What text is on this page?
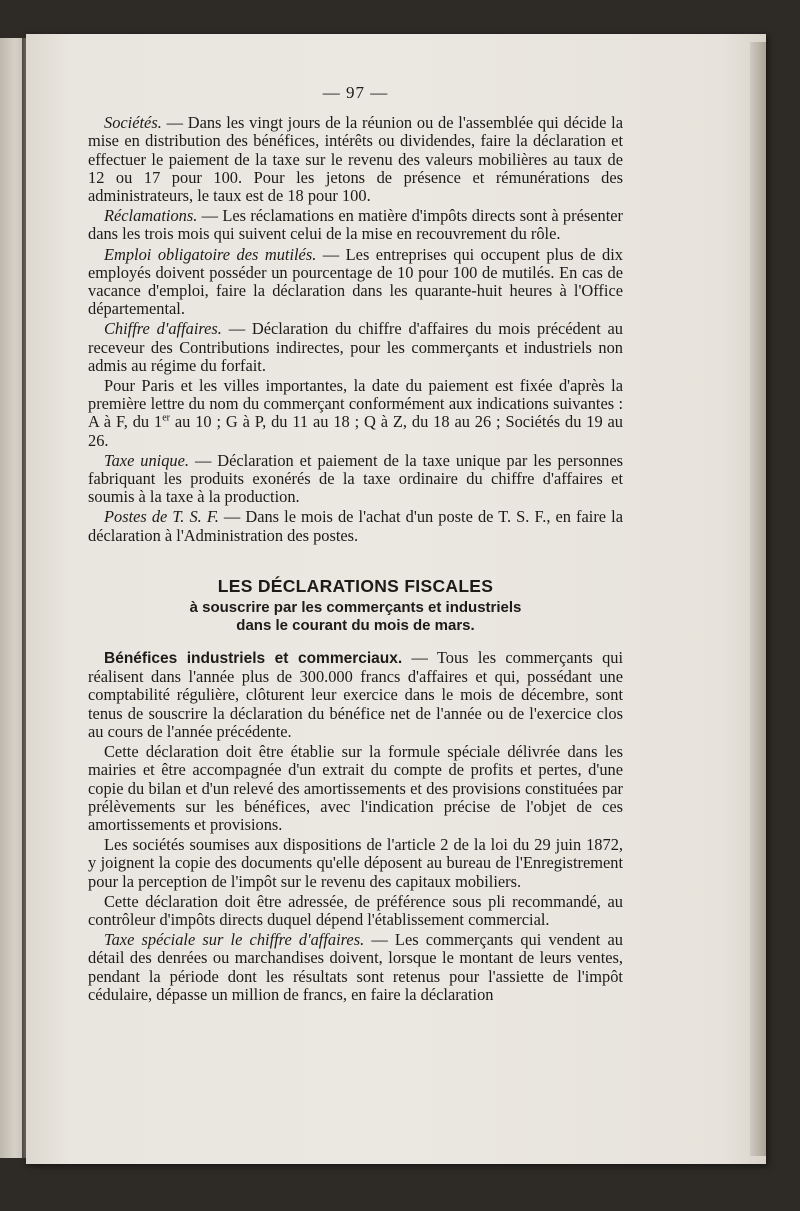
— 97 —

Sociétés. — Dans les vingt jours de la réunion ou de l'assemblée qui décide la mise en distribution des bénéfices, intérêts ou dividendes, faire la déclaration et effectuer le paiement de la taxe sur le revenu des valeurs mobilières au taux de 12 ou 17 pour 100. Pour les jetons de présence et rémunérations des administrateurs, le taux est de 18 pour 100.

Réclamations. — Les réclamations en matière d'impôts directs sont à présenter dans les trois mois qui suivent celui de la mise en recouvrement du rôle.

Emploi obligatoire des mutilés. — Les entreprises qui occupent plus de dix employés doivent posséder un pourcentage de 10 pour 100 de mutilés. En cas de vacance d'emploi, faire la déclaration dans les quarante-huit heures à l'Office départemental.

Chiffre d'affaires. — Déclaration du chiffre d'affaires du mois précédent au receveur des Contributions indirectes, pour les commerçants et industriels non admis au régime du forfait.

Pour Paris et les villes importantes, la date du paiement est fixée d'après la première lettre du nom du commerçant conformément aux indications suivantes : A à F, du 1er au 10 ; G à P, du 11 au 18 ; Q à Z, du 18 au 26 ; Sociétés du 19 au 26.

Taxe unique. — Déclaration et paiement de la taxe unique par les personnes fabriquant les produits exonérés de la taxe ordinaire du chiffre d'affaires et soumis à la taxe à la production.

Postes de T. S. F. — Dans le mois de l'achat d'un poste de T. S. F., en faire la déclaration à l'Administration des postes.

LES DÉCLARATIONS FISCALES
à souscrire par les commerçants et industriels
dans le courant du mois de mars.

Bénéfices industriels et commerciaux. — Tous les commerçants qui réalisent dans l'année plus de 300.000 francs d'affaires et qui, possédant une comptabilité régulière, clôturent leur exercice dans le mois de décembre, sont tenus de souscrire la déclaration du bénéfice net de l'année ou de l'exercice clos au cours de l'année précédente.

Cette déclaration doit être établie sur la formule spéciale délivrée dans les mairies et être accompagnée d'un extrait du compte de profits et pertes, d'une copie du bilan et d'un relevé des amortissements et des provisions constituées par prélèvements sur les bénéfices, avec l'indication précise de l'objet de ces amortissements et provisions.

Les sociétés soumises aux dispositions de l'article 2 de la loi du 29 juin 1872, y joignent la copie des documents qu'elle déposent au bureau de l'Enregistrement pour la perception de l'impôt sur le revenu des capitaux mobiliers.

Cette déclaration doit être adressée, de préférence sous pli recommandé, au contrôleur d'impôts directs duquel dépend l'établissement commercial.

Taxe spéciale sur le chiffre d'affaires. — Les commerçants qui vendent au détail des denrées ou marchandises doivent, lorsque le montant de leurs ventes, pendant la période dont les résultats sont retenus pour l'assiette de l'impôt cédulaire, dépasse un million de francs, en faire la déclaration
